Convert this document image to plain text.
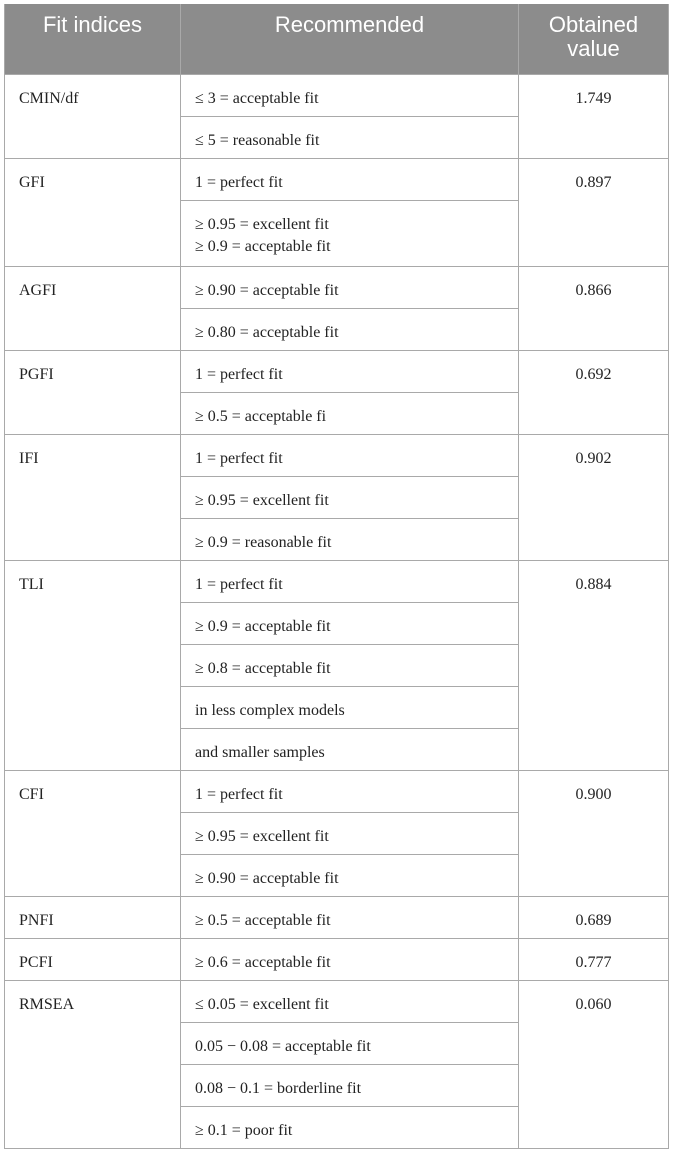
Fit indices	Recommended	Obtained
value

CMIN/df	≤ 3 = acceptable fit	1.749

	≤ 5 = reasonable fit	

GFI	1 = perfect fit	0.897

	≥ 0.95 = excellent fit
≥ 0.9 = acceptable fit	

AGFI	≥ 0.90 = acceptable fit	0.866

	≥ 0.80 = acceptable fit	

PGFI	1 = perfect fit	0.692

	≥ 0.5 = acceptable fi	

IFI	1 = perfect fit	0.902

	≥ 0.95 = excellent fit	

	≥ 0.9 = reasonable fit	

TLI	1 = perfect fit	0.884

	≥ 0.9 = acceptable fit	

	≥ 0.8 = acceptable fit	

	in less complex models	

	and smaller samples	

CFI	1 = perfect fit	0.900

	≥ 0.95 = excellent fit	

	≥ 0.90 = acceptable fit	

PNFI	≥ 0.5 = acceptable fit	0.689
PCFI	≥ 0.6 = acceptable fit	0.777
RMSEA	≤ 0.05 = excellent fit	0.060

	0.05 − 0.08 = acceptable fit	

	0.08 − 0.1 = borderline fit	

	≥ 0.1 = poor fit	
